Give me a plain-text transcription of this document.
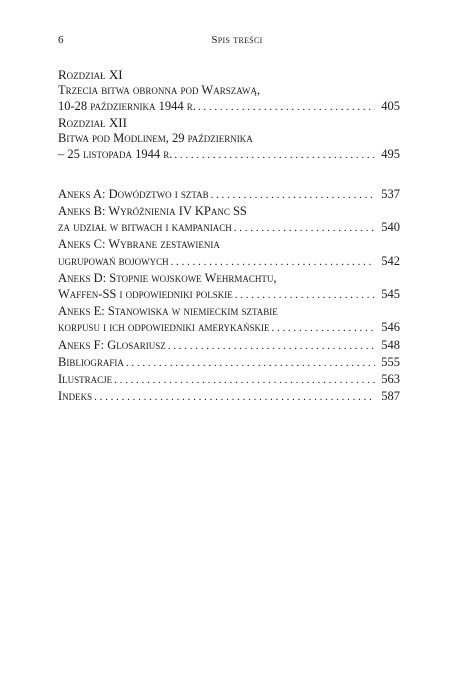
6	Spis treści
Rozdział XI
Trzecia bitwa obronna pod Warszawą,
10-28 października 1944 r. . . .	405
Rozdział XII
Bitwa pod Modlinem, 29 października
– 25 listopada 1944 r. . . .	495
Aneks A: Dowództwo i sztab . . .	537
Aneks B: Wyróżnienia IV KPanc SS
za udział w bitwach i kampaniach . . .	540
Aneks C: Wybrane zestawienia
ugrupowań bojowych . . .	542
Aneks D: Stopnie wojskowe Wehrmachtu,
Waffen-SS i odpowiedniki polskie . . .	545
Aneks E: Stanowiska w niemieckim sztabie
korpusu i ich odpowiedniki amerykańskie . . .	546
Aneks F: Glosariusz . . .	548
Bibliografia . . .	555
Ilustracje . . .	563
Indeks . . .	587
